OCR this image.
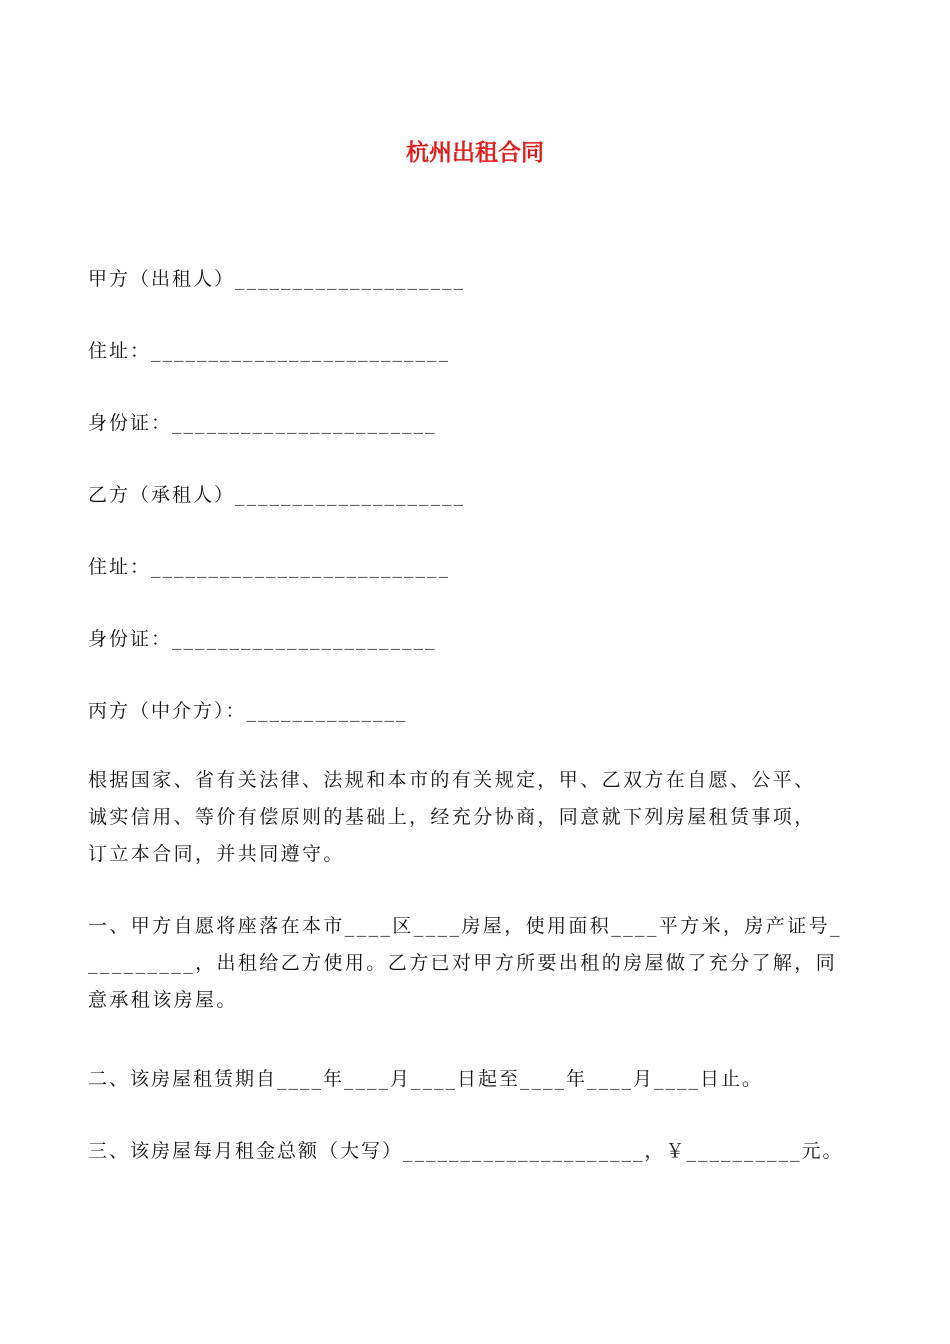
杭州出租合同
甲方（出租人）____________________
住址：__________________________
身份证：_______________________
乙方（承租人）____________________
住址：__________________________
身份证：_______________________
丙方（中介方）：______________
根据国家、省有关法律、法规和本市的有关规定，甲、乙双方在自愿、公平、
诚实信用、等价有偿原则的基础上，经充分协商，同意就下列房屋租赁事项，
订立本合同，并共同遵守。
一、甲方自愿将座落在本市____区____房屋，使用面积____平方米，房产证号_
_________，出租给乙方使用。乙方已对甲方所要出租的房屋做了充分了解，同
意承租该房屋。
二、该房屋租赁期自____年____月____日起至____年____月____日止。
三、该房屋每月租金总额（大写）_____________________，￥__________元。
